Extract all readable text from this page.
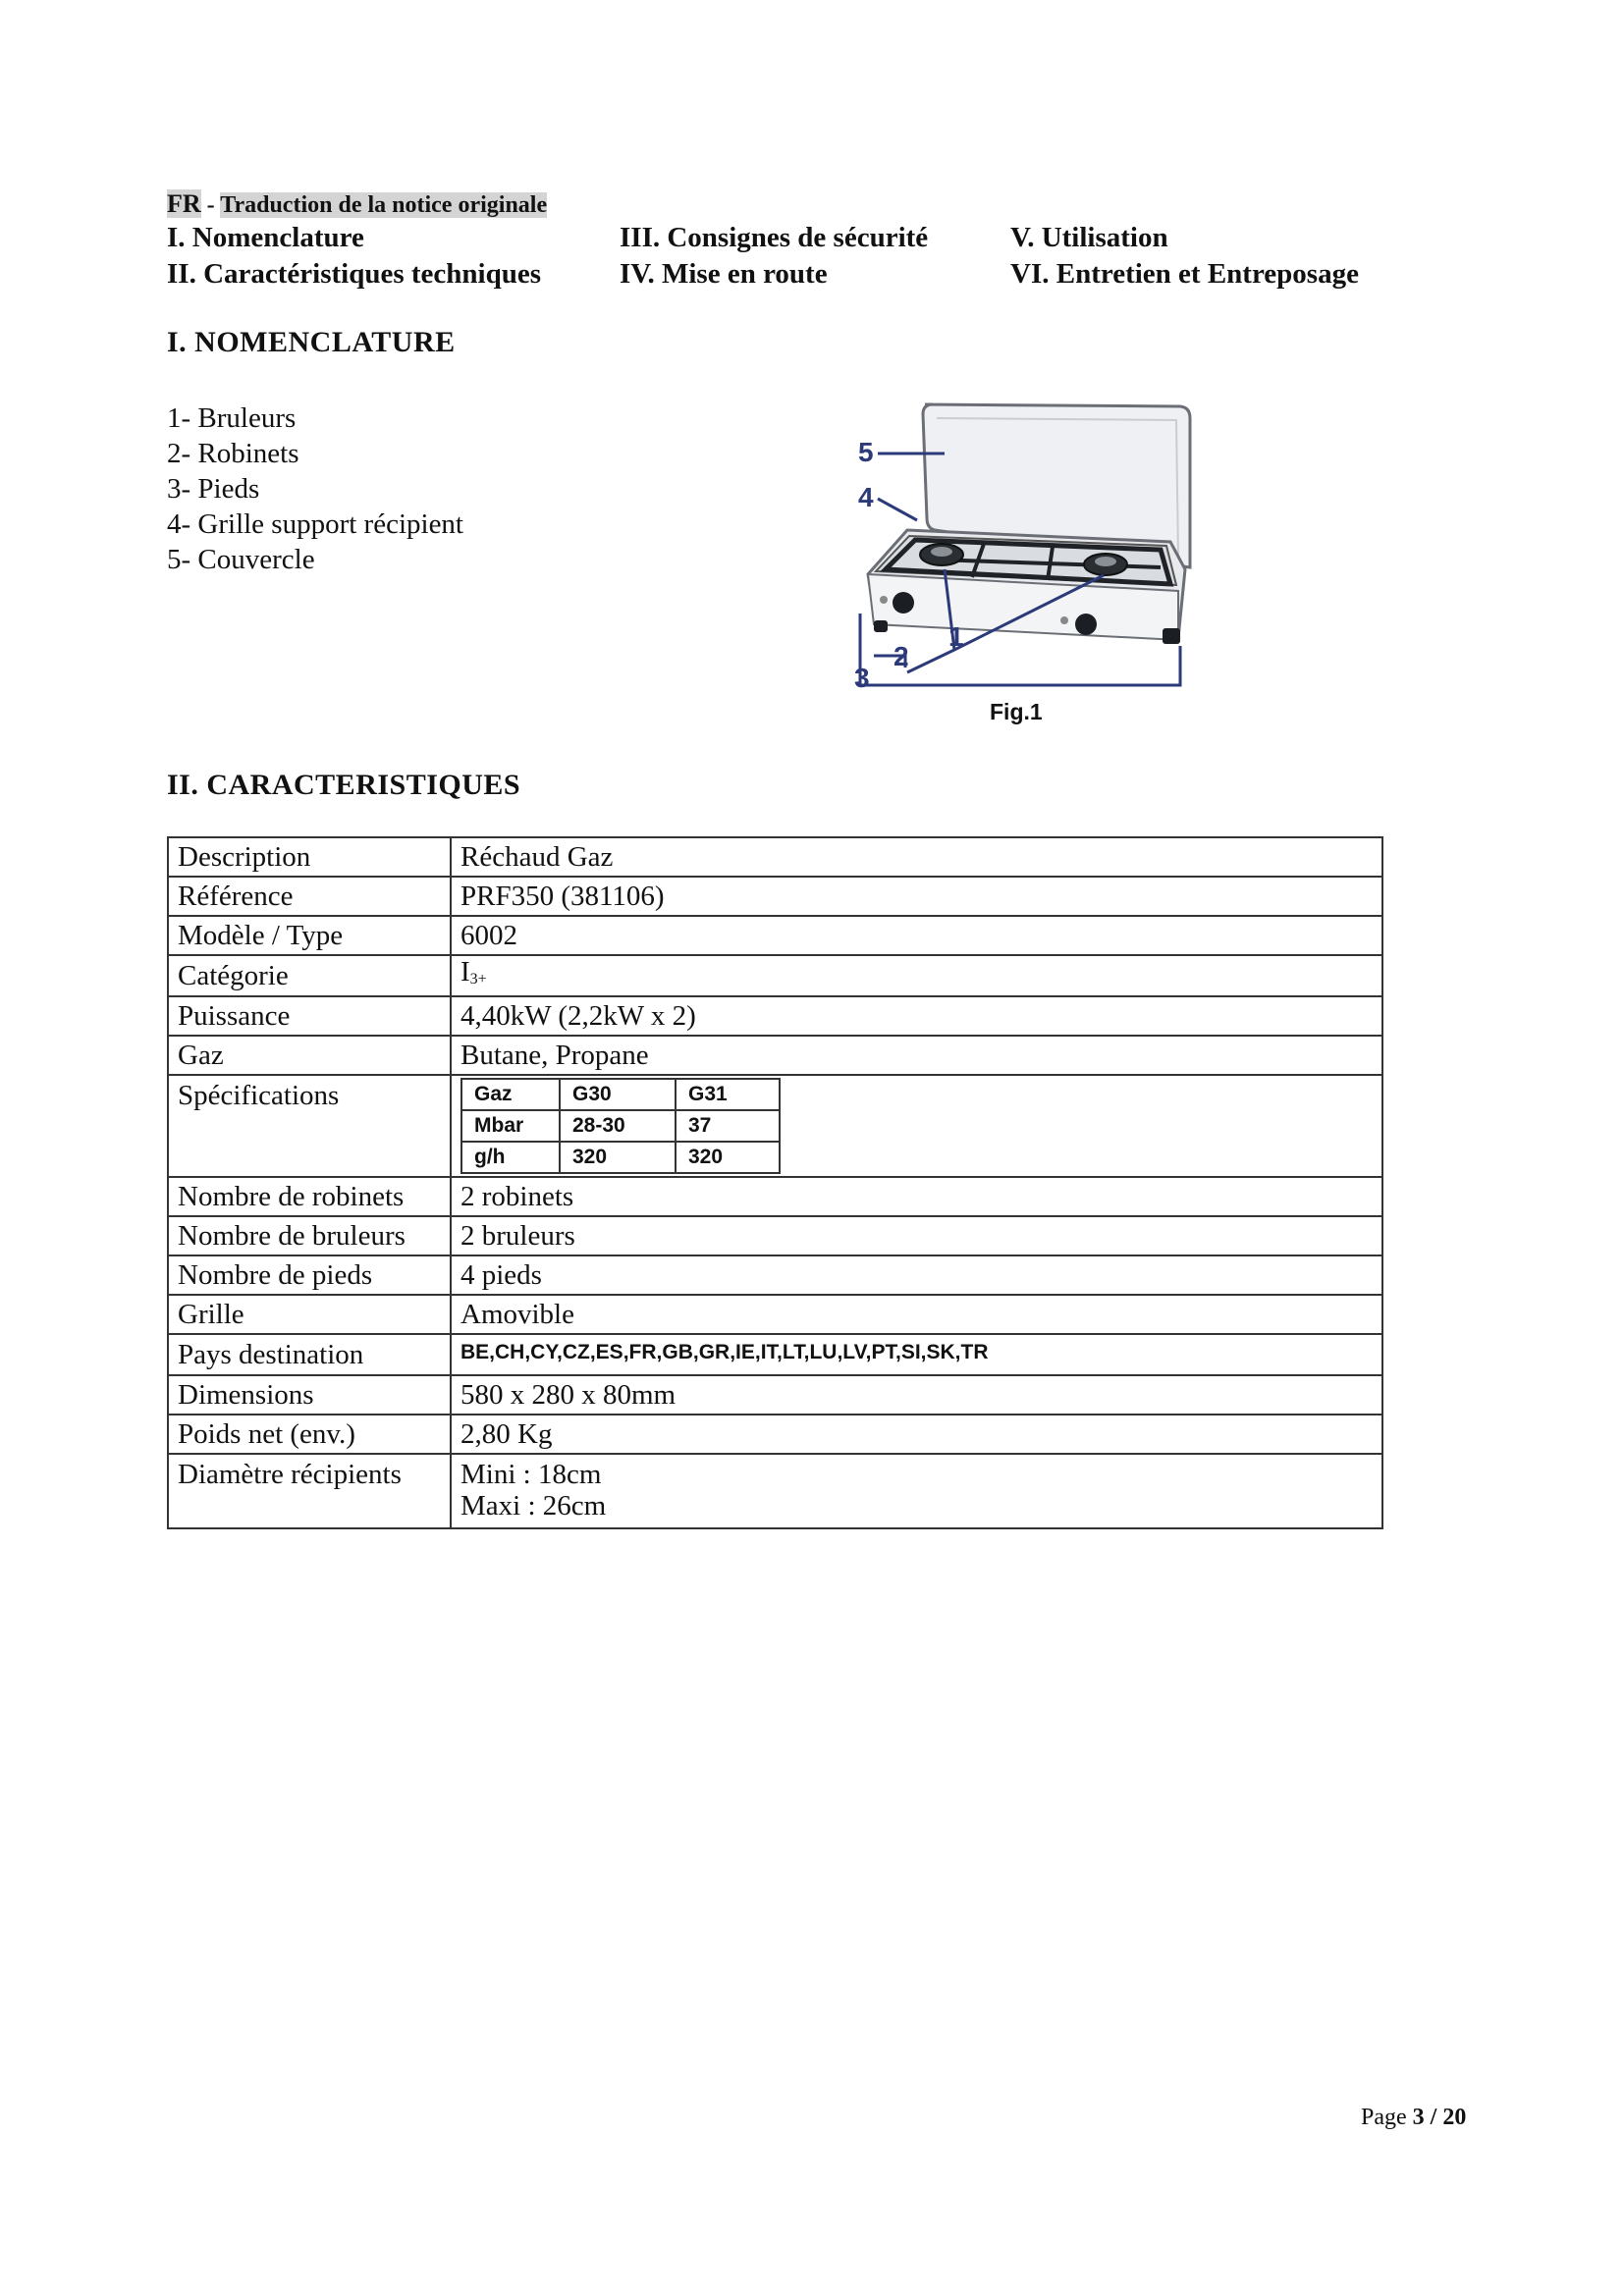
FR - Traduction de la notice originale
I. Nomenclature
II. Caractéristiques techniques
III. Consignes de sécurité
IV. Mise en route
V. Utilisation
VI. Entretien et Entreposage
I. NOMENCLATURE
1- Bruleurs
2- Robinets
3- Pieds
4- Grille support récipient
5- Couvercle
5
4
1
2
3
Fig.1
II. CARACTERISTIQUES
Description	Réchaud Gaz
Référence	PRF350 (381106)
Modèle / Type	6002
Catégorie	I3+
Puissance	4,40kW (2,2kW x 2)
Gaz	Butane, Propane
Spécifications		Gaz	G30	G31
Mbar	28-30	37
g/h	320	320

Nombre de robinets	2 robinets
Nombre de bruleurs	2 bruleurs
Nombre de pieds	4 pieds
Grille	Amovible
Pays destination	BE,CH,CY,CZ,ES,FR,GB,GR,IE,IT,LT,LU,LV,PT,SI,SK,TR
Dimensions	580 x 280 x 80mm
Poids net (env.)	2,80 Kg
Diamètre récipients	Mini : 18cm
Maxi : 26cm
Page 3 / 20
